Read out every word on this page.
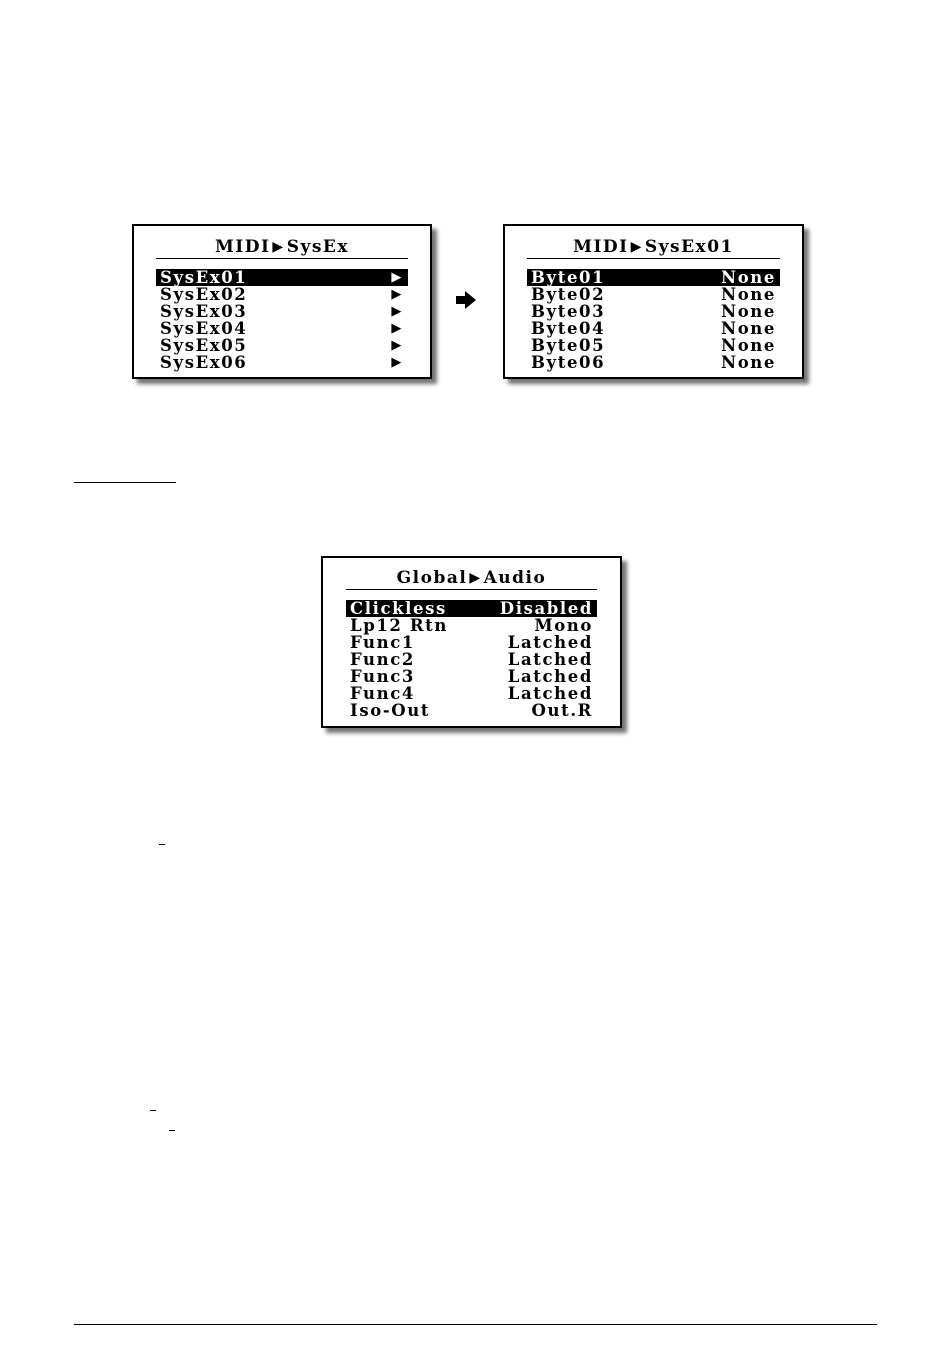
MIDI ▶ SysEx
SysEx01	▶
SysEx02	▶
SysEx03	▶
SysEx04	▶
SysEx05	▶
SysEx06	▶
MIDI ▶ SysEx01
Byte01	None
Byte02	None
Byte03	None
Byte04	None
Byte05	None
Byte06	None
Global ▶ Audio
Clickless	Disabled
Lp12 Rtn	Mono
Func1	Latched
Func2	Latched
Func3	Latched
Func4	Latched
Iso-Out	Out.R
